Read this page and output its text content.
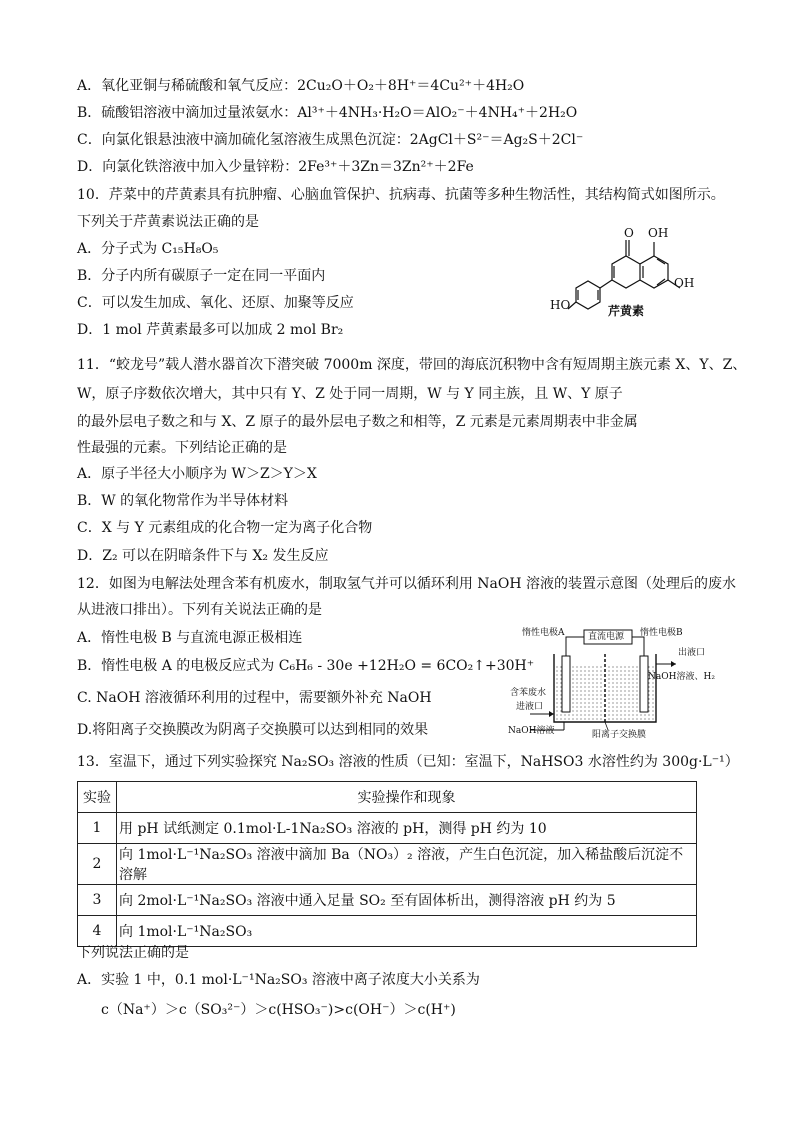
A．氧化亚铜与稀硫酸和氧气反应：2Cu₂O＋O₂＋8H⁺＝4Cu²⁺＋4H₂O
B．硫酸铝溶液中滴加过量浓氨水：Al³⁺＋4NH₃·H₂O＝AlO₂⁻＋4NH₄⁺＋2H₂O
C．向氯化银悬浊液中滴加硫化氢溶液生成黑色沉淀：2AgCl＋S²⁻＝Ag₂S＋2Cl⁻
D．向氯化铁溶液中加入少量锌粉：2Fe³⁺＋3Zn＝3Zn²⁺＋2Fe
10．芹菜中的芹黄素具有抗肿瘤、心脑血管保护、抗病毒、抗菌等多种生物活性，其结构简式如图所示。
下列关于芹黄素说法正确的是
A．分子式为 C₁₅H₈O₅
B．分子内所有碳原子一定在同一平面内
C．可以发生加成、氧化、还原、加聚等反应
D．1 mol 芹黄素最多可以加成 2 mol Br₂
O OH
OH
HO	芹黄素
11．“蛟龙号”载人潜水器首次下潜突破 7000m 深度，带回的海底沉积物中含有短周期主族元素 X、Y、Z、
W，原子序数依次增大，其中只有 Y、Z 处于同一周期，W 与 Y 同主族，且 W、Y 原子
的最外层电子数之和与 X、Z 原子的最外层电子数之和相等，Z 元素是元素周期表中非金属
性最强的元素。下列结论正确的是
A．原子半径大小顺序为 W＞Z＞Y＞X
B．W 的氧化物常作为半导体材料
C．X 与 Y 元素组成的化合物一定为离子化合物
D．Z₂ 可以在阴暗条件下与 X₂ 发生反应
12．如图为电解法处理含苯有机废水，制取氢气并可以循环利用 NaOH 溶液的装置示意图（处理后的废水
从进液口排出）。下列有关说法正确的是
A．惰性电极 B 与直流电源正极相连
B．惰性电极 A 的电极反应式为 C₆H₆ - 30e +12H₂O = 6CO₂↑+30H⁺
C. NaOH 溶液循环利用的过程中，需要额外补充 NaOH
D.将阳离子交换膜改为阴离子交换膜可以达到相同的效果
惰性电极A	直流电源 惰性电极B
出液口
NaOH溶液、H₂
含苯废水
进液口
NaOH溶液	阳离子交换膜
13．室温下，通过下列实验探究 Na₂SO₃ 溶液的性质（已知：室温下，NaHSO3 水溶性约为 300g·L⁻¹）
实验	实验操作和现象
1	用 pH 试纸测定 0.1mol·L-1Na₂SO₃ 溶液的 pH，测得 pH 约为 10
2	向 1mol·L⁻¹Na₂SO₃ 溶液中滴加 Ba（NO₃）₂ 溶液，产生白色沉淀，加入稀盐酸后沉淀不溶解
3	向 2mol·L⁻¹Na₂SO₃ 溶液中通入足量 SO₂ 至有固体析出，测得溶液 pH 约为 5
4	向 1mol·L⁻¹Na₂SO₃
下列说法正确的是
A．实验 1 中，0.1 mol·L⁻¹Na₂SO₃ 溶液中离子浓度大小关系为
c（Na⁺）＞c（SO₃²⁻）＞c(HSO₃⁻)>c(OH⁻）＞c(H⁺)
